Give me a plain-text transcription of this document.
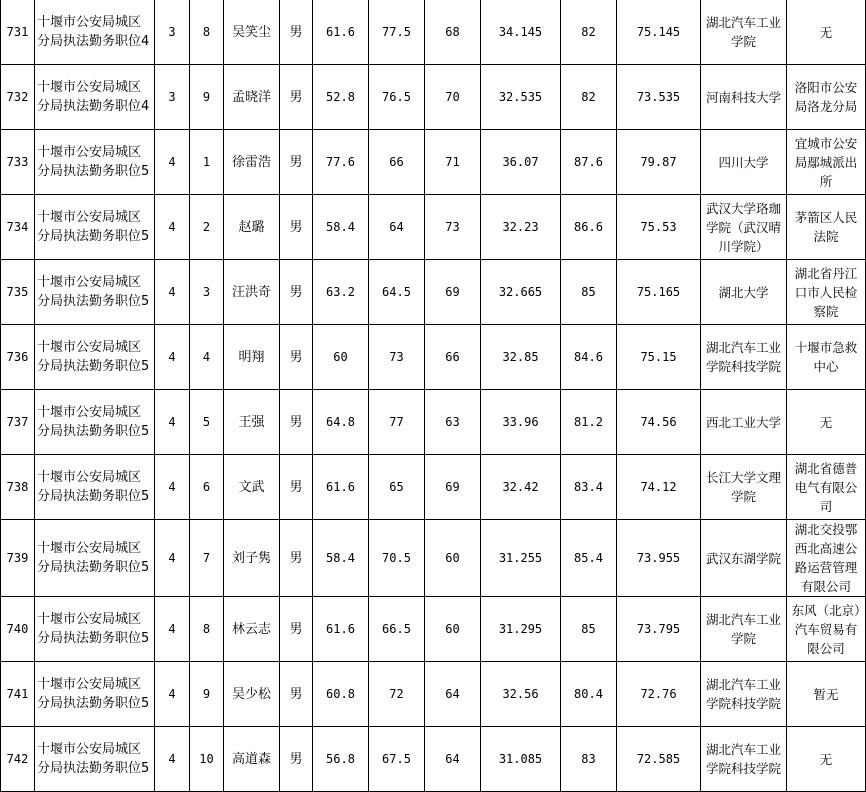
731	十堰市公安局城区分局执法勤务职位4	3	8	吴笑尘	男	61.6	77.5	68	34.145	82	75.145	湖北汽车工业学院	无
732	十堰市公安局城区分局执法勤务职位4	3	9	孟晓洋	男	52.8	76.5	70	32.535	82	73.535	河南科技大学	洛阳市公安局洛龙分局
733	十堰市公安局城区分局执法勤务职位5	4	1	徐雷浩	男	77.6	66	71	36.07	87.6	79.87	四川大学	宜城市公安局鄢城派出所
734	十堰市公安局城区分局执法勤务职位5	4	2	赵璐	男	58.4	64	73	32.23	86.6	75.53	武汉大学珞珈学院（武汉晴川学院）	茅箭区人民法院
735	十堰市公安局城区分局执法勤务职位5	4	3	汪洪奇	男	63.2	64.5	69	32.665	85	75.165	湖北大学	湖北省丹江口市人民检察院
736	十堰市公安局城区分局执法勤务职位5	4	4	明翔	男	60	73	66	32.85	84.6	75.15	湖北汽车工业学院科技学院	十堰市急救中心
737	十堰市公安局城区分局执法勤务职位5	4	5	王强	男	64.8	77	63	33.96	81.2	74.56	西北工业大学	无
738	十堰市公安局城区分局执法勤务职位5	4	6	文武	男	61.6	65	69	32.42	83.4	74.12	长江大学文理学院	湖北省德普电气有限公司
739	十堰市公安局城区分局执法勤务职位5	4	7	刘子隽	男	58.4	70.5	60	31.255	85.4	73.955	武汉东湖学院	湖北交投鄂西北高速公路运营管理有限公司
740	十堰市公安局城区分局执法勤务职位5	4	8	林云志	男	61.6	66.5	60	31.295	85	73.795	湖北汽车工业学院	东风（北京）汽车贸易有限公司
741	十堰市公安局城区分局执法勤务职位5	4	9	吴少松	男	60.8	72	64	32.56	80.4	72.76	湖北汽车工业学院科技学院	暂无
742	十堰市公安局城区分局执法勤务职位5	4	10	高道森	男	56.8	67.5	64	31.085	83	72.585	湖北汽车工业学院科技学院	无
